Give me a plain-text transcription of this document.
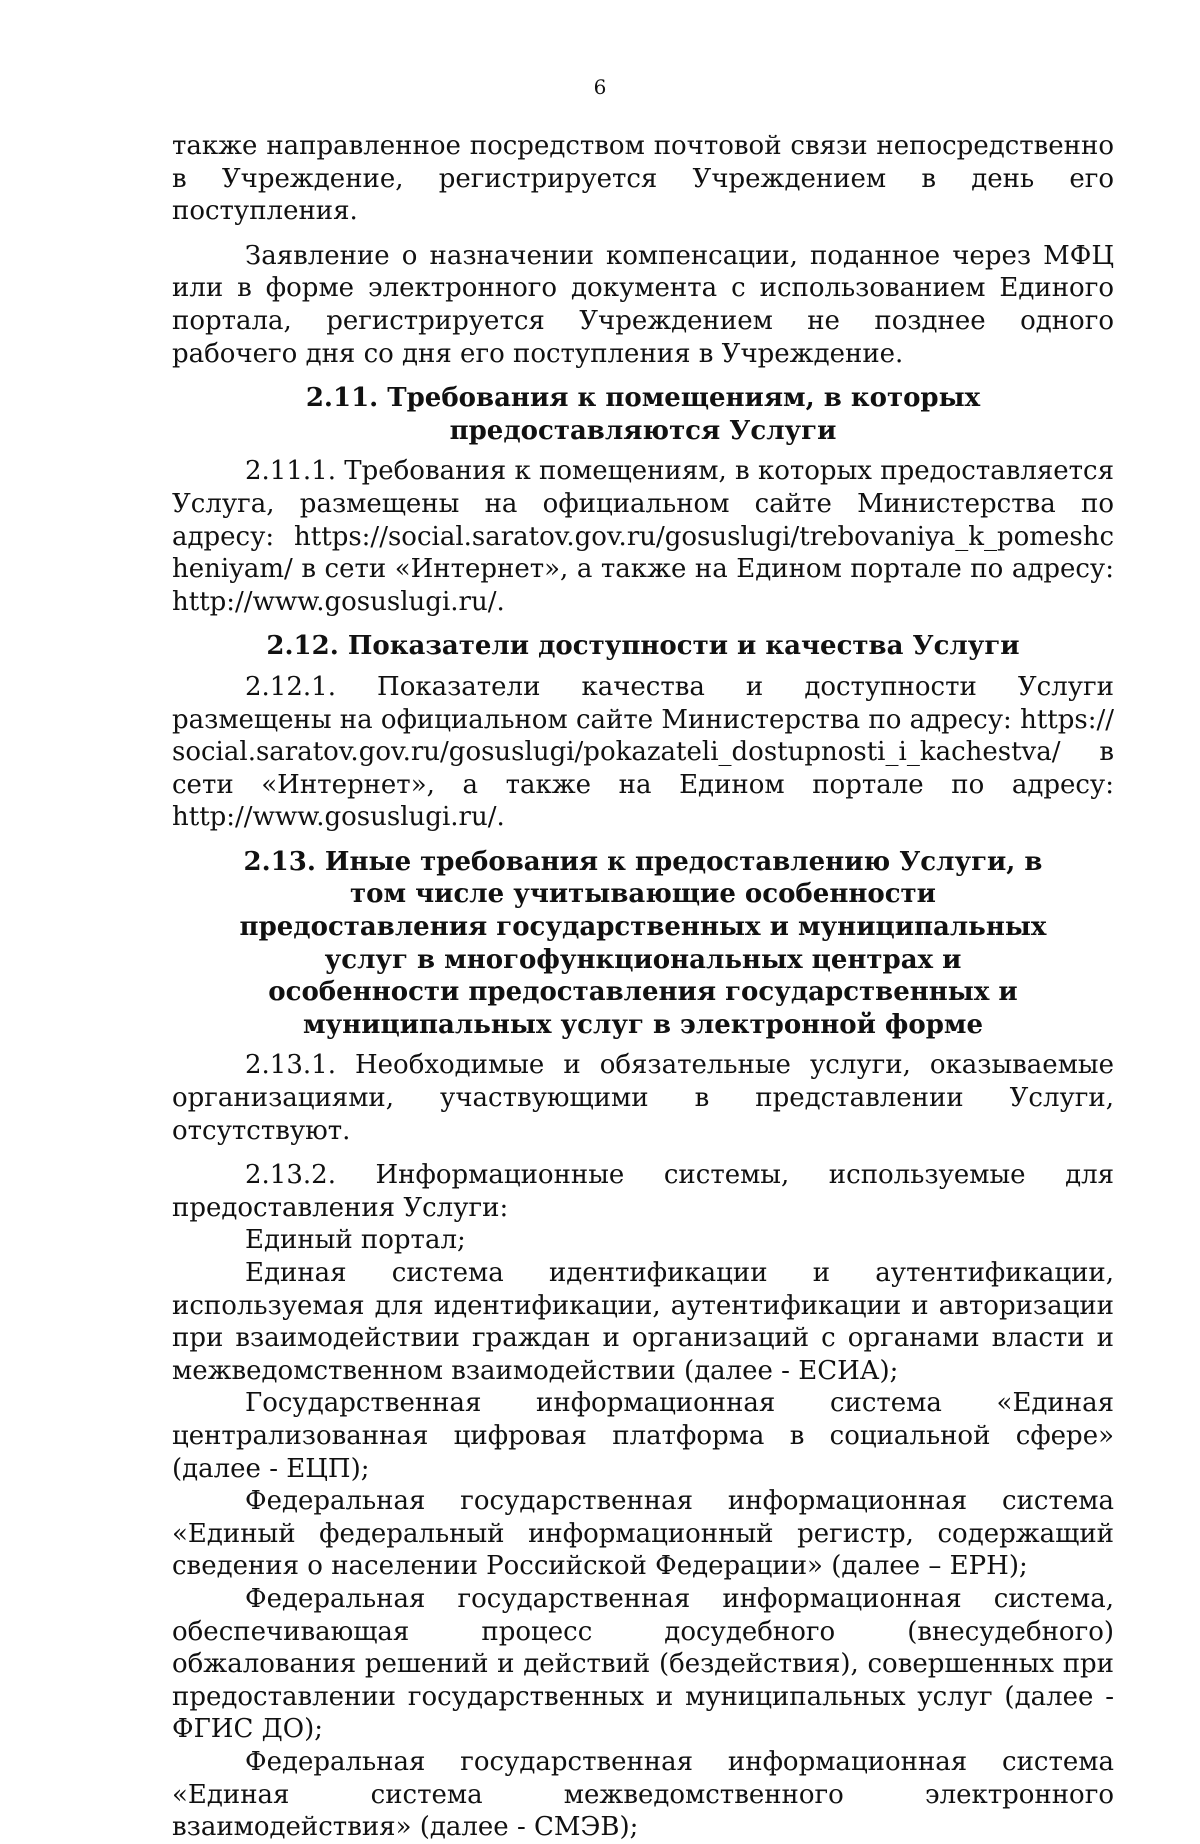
6

также направленное посредством почтовой связи непосредственно в Учреждение, регистрируется Учреждением в день его поступления.

Заявление о назначении компенсации, поданное через МФЦ или в форме электронного документа с использованием Единого портала, регистрируется Учреждением не позднее одного рабочего дня со дня его поступления в Учреждение.

2.11. Требования к помещениям, в которых предоставляются Услуги

2.11.1. Требования к помещениям, в которых предоставляется Услуга, размещены на официальном сайте Министерства по адресу: https://social.saratov.gov.ru/gosuslugi/trebovaniya_k_pomeshcheniyam/ в сети «Интернет», а также на Едином портале по адресу: http://www.gosuslugi.ru/.

2.12. Показатели доступности и качества Услуги

2.12.1. Показатели качества и доступности Услуги размещены на официальном сайте Министерства по адресу: https://social.saratov.gov.ru/gosuslugi/pokazateli_dostupnosti_i_kachestva/ в сети «Интернет», а также на Едином портале по адресу: http://www.gosuslugi.ru/.

2.13. Иные требования к предоставлению Услуги, в том числе учитывающие особенности предоставления государственных и муниципальных услуг в многофункциональных центрах и особенности предоставления государственных и муниципальных услуг в электронной форме

2.13.1. Необходимые и обязательные услуги, оказываемые организациями, участвующими в представлении Услуги, отсутствуют.

2.13.2. Информационные системы, используемые для предоставления Услуги:

Единый портал;

Единая система идентификации и аутентификации, используемая для идентификации, аутентификации и авторизации при взаимодействии граждан и организаций с органами власти и межведомственном взаимодействии (далее - ЕСИА);

Государственная информационная система «Единая централизованная цифровая платформа в социальной сфере» (далее - ЕЦП);

Федеральная государственная информационная система «Единый федеральный информационный регистр, содержащий сведения о населении Российской Федерации» (далее – ЕРН);

Федеральная государственная информационная система, обеспечивающая процесс досудебного (внесудебного) обжалования решений и действий (бездействия), совершенных при предоставлении государственных и муниципальных услуг (далее - ФГИС ДО);

Федеральная государственная информационная система «Единая система межведомственного электронного взаимодействия» (далее - СМЭВ);
